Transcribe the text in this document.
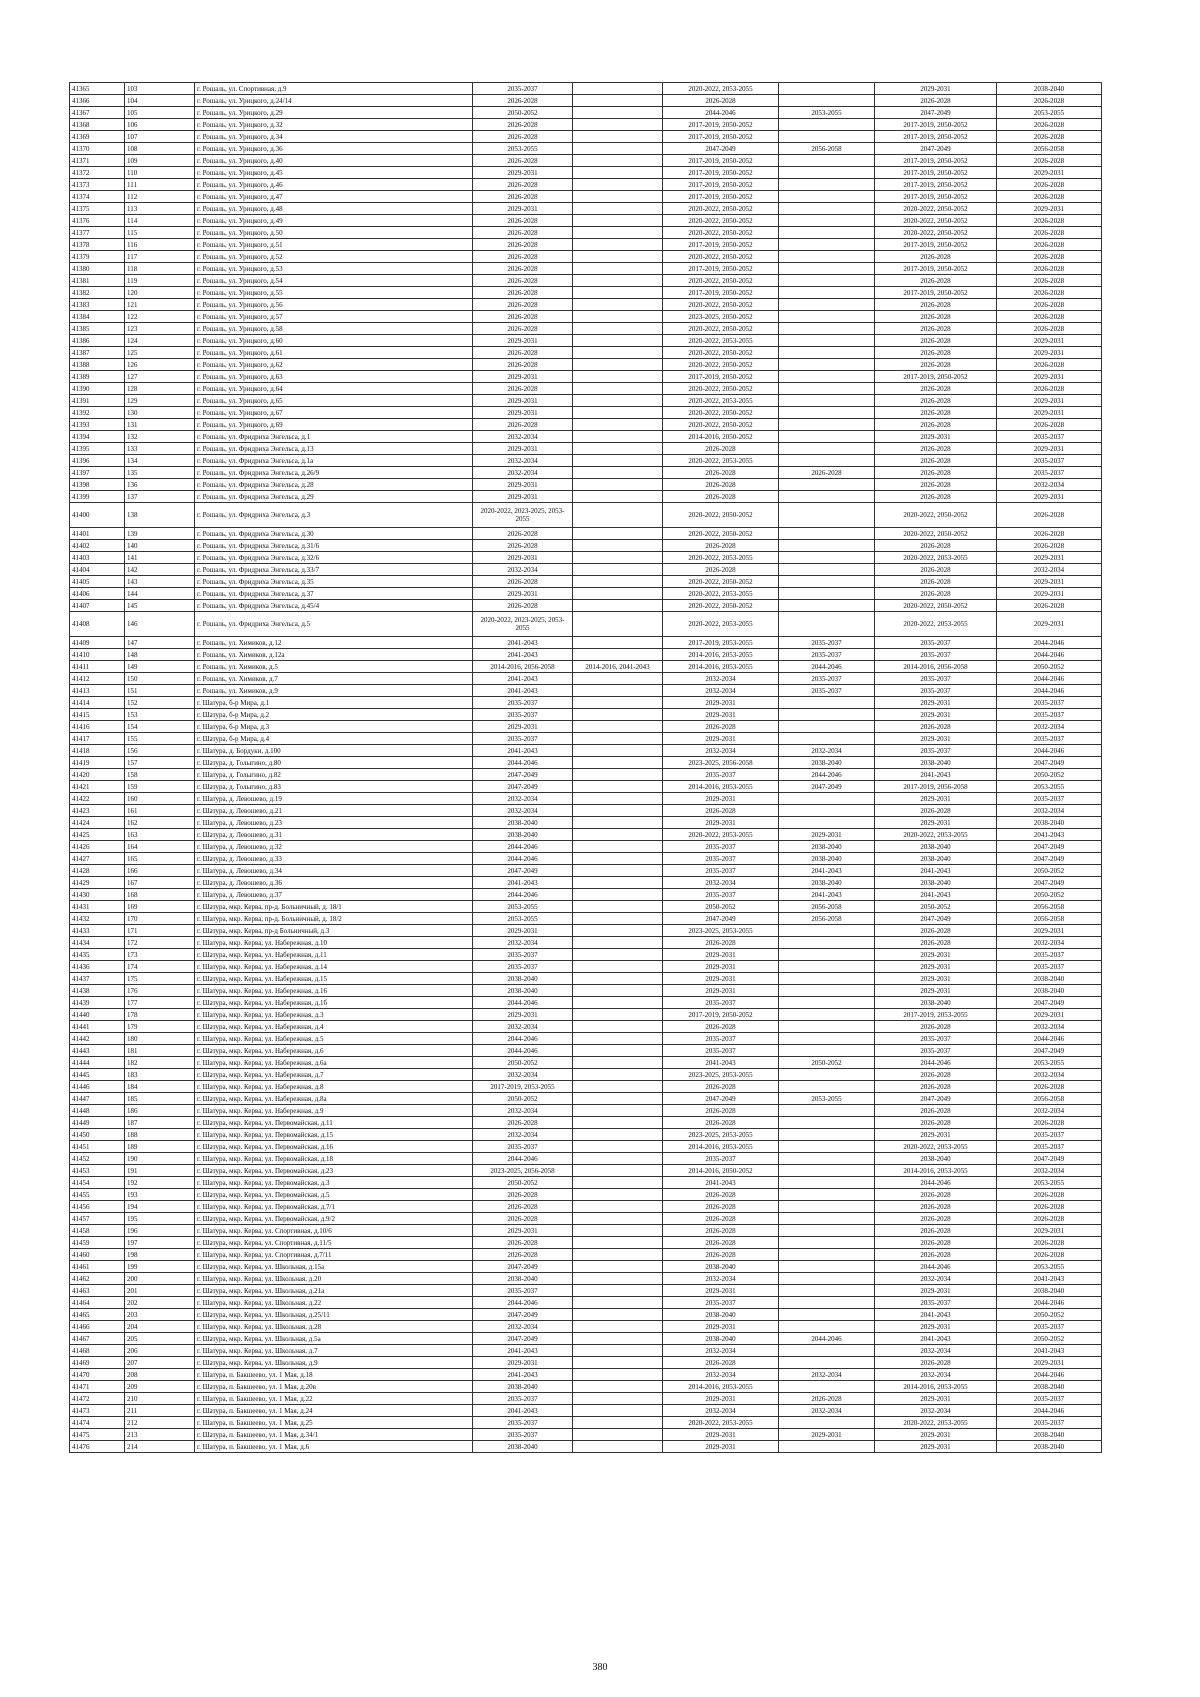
41365	103	г. Рошаль, ул. Спортивная, д.9	2035-2037		2020-2022, 2053-2055		2029-2031	2038-2040
41366	104	г. Рошаль, ул. Урицкого, д.24/14	2026-2028		2026-2028		2026-2028	2026-2028
41367	105	г. Рошаль, ул. Урицкого, д.29	2050-2052		2044-2046	2053-2055	2047-2049	2053-2055
41368	106	г. Рошаль, ул. Урицкого, д.32	2026-2028		2017-2019, 2050-2052		2017-2019, 2050-2052	2026-2028
41369	107	г. Рошаль, ул. Урицкого, д.34	2026-2028		2017-2019, 2050-2052		2017-2019, 2050-2052	2026-2028
41370	108	г. Рошаль, ул. Урицкого, д.36	2053-2055		2047-2049	2056-2058	2047-2049	2056-2058
41371	109	г. Рошаль, ул. Урицкого, д.40	2026-2028		2017-2019, 2050-2052		2017-2019, 2050-2052	2026-2028
41372	110	г. Рошаль, ул. Урицкого, д.45	2029-2031		2017-2019, 2050-2052		2017-2019, 2050-2052	2029-2031
41373	111	г. Рошаль, ул. Урицкого, д.46	2026-2028		2017-2019, 2050-2052		2017-2019, 2050-2052	2026-2028
41374	112	г. Рошаль, ул. Урицкого, д.47	2026-2028		2017-2019, 2050-2052		2017-2019, 2050-2052	2026-2028
41375	113	г. Рошаль, ул. Урицкого, д.48	2029-2031		2020-2022, 2050-2052		2020-2022, 2050-2052	2029-2031
41376	114	г. Рошаль, ул. Урицкого, д.49	2026-2028		2020-2022, 2050-2052		2020-2022, 2050-2052	2026-2028
41377	115	г. Рошаль, ул. Урицкого, д.50	2026-2028		2020-2022, 2050-2052		2020-2022, 2050-2052	2026-2028
41378	116	г. Рошаль, ул. Урицкого, д.51	2026-2028		2017-2019, 2050-2052		2017-2019, 2050-2052	2026-2028
41379	117	г. Рошаль, ул. Урицкого, д.52	2026-2028		2020-2022, 2050-2052		2026-2028	2026-2028
41380	118	г. Рошаль, ул. Урицкого, д.53	2026-2028		2017-2019, 2050-2052		2017-2019, 2050-2052	2026-2028
41381	119	г. Рошаль, ул. Урицкого, д.54	2026-2028		2020-2022, 2050-2052		2026-2028	2026-2028
41382	120	г. Рошаль, ул. Урицкого, д.55	2026-2028		2017-2019, 2050-2052		2017-2019, 2050-2052	2026-2028
41383	121	г. Рошаль, ул. Урицкого, д.56	2026-2028		2020-2022, 2050-2052		2026-2028	2026-2028
41384	122	г. Рошаль, ул. Урицкого, д.57	2026-2028		2023-2025, 2050-2052		2026-2028	2026-2028
41385	123	г. Рошаль, ул. Урицкого, д.58	2026-2028		2020-2022, 2050-2052		2026-2028	2026-2028
41386	124	г. Рошаль, ул. Урицкого, д.60	2029-2031		2020-2022, 2053-2055		2026-2028	2029-2031
41387	125	г. Рошаль, ул. Урицкого, д.61	2026-2028		2020-2022, 2050-2052		2026-2028	2029-2031
41388	126	г. Рошаль, ул. Урицкого, д.62	2026-2028		2020-2022, 2050-2052		2026-2028	2026-2028
41389	127	г. Рошаль, ул. Урицкого, д.63	2029-2031		2017-2019, 2050-2052		2017-2019, 2050-2052	2029-2031
41390	128	г. Рошаль, ул. Урицкого, д.64	2026-2028		2020-2022, 2050-2052		2026-2028	2026-2028
41391	129	г. Рошаль, ул. Урицкого, д.65	2029-2031		2020-2022, 2053-2055		2026-2028	2029-2031
41392	130	г. Рошаль, ул. Урицкого, д.67	2029-2031		2020-2022, 2050-2052		2026-2028	2029-2031
41393	131	г. Рошаль, ул. Урицкого, д.69	2026-2028		2020-2022, 2050-2052		2026-2028	2026-2028
41394	132	г. Рошаль, ул. Фридриха Энгельса, д.1	2032-2034		2014-2016, 2050-2052		2029-2031	2035-2037
41395	133	г. Рошаль, ул. Фридриха Энгельса, д.13	2029-2031		2026-2028		2026-2028	2029-2031
41396	134	г. Рошаль, ул. Фридриха Энгельса, д.1а	2032-2034		2020-2022, 2053-2055		2026-2028	2035-2037
41397	135	г. Рошаль, ул. Фридриха Энгельса, д.26/9	2032-2034		2026-2028	2026-2028	2026-2028	2035-2037
41398	136	г. Рошаль, ул. Фридриха Энгельса, д.28	2029-2031		2026-2028		2026-2028	2032-2034
41399	137	г. Рошаль, ул. Фридриха Энгельса, д.29	2029-2031		2026-2028		2026-2028	2029-2031
41400	138	г. Рошаль, ул. Фридриха Энгельса, д.3	2020-2022, 2023-2025, 2053-2055		2020-2022, 2050-2052		2020-2022, 2050-2052	2026-2028
41401	139	г. Рошаль, ул. Фридриха Энгельса, д.30	2026-2028		2020-2022, 2050-2052		2020-2022, 2050-2052	2026-2028
41402	140	г. Рошаль, ул. Фридриха Энгельса, д.31/6	2026-2028		2026-2028		2026-2028	2026-2028
41403	141	г. Рошаль, ул. Фридриха Энгельса, д.32/6	2029-2031		2020-2022, 2053-2055		2020-2022, 2053-2055	2029-2031
41404	142	г. Рошаль, ул. Фридриха Энгельса, д.33/7	2032-2034		2026-2028		2026-2028	2032-2034
41405	143	г. Рошаль, ул. Фридриха Энгельса, д.35	2026-2028		2020-2022, 2050-2052		2026-2028	2029-2031
41406	144	г. Рошаль, ул. Фридриха Энгельса, д.37	2029-2031		2020-2022, 2053-2055		2026-2028	2029-2031
41407	145	г. Рошаль, ул. Фридриха Энгельса, д.45/4	2026-2028		2020-2022, 2050-2052		2020-2022, 2050-2052	2026-2028
41408	146	г. Рошаль, ул. Фридриха Энгельса, д.5	2020-2022, 2023-2025, 2053-2055		2020-2022, 2053-2055		2020-2022, 2053-2055	2029-2031
41409	147	г. Рошаль, ул. Химиков, д.12	2041-2043		2017-2019, 2053-2055	2035-2037	2035-2037	2044-2046
41410	148	г. Рошаль, ул. Химиков, д.12а	2041-2043		2014-2016, 2053-2055	2035-2037	2035-2037	2044-2046
41411	149	г. Рошаль, ул. Химиков, д.5	2014-2016, 2056-2058	2014-2016, 2041-2043	2014-2016, 2053-2055	2044-2046	2014-2016, 2056-2058	2050-2052
41412	150	г. Рошаль, ул. Химиков, д.7	2041-2043		2032-2034	2035-2037	2035-2037	2044-2046
41413	151	г. Рошаль, ул. Химиков, д.9	2041-2043		2032-2034	2035-2037	2035-2037	2044-2046
41414	152	г. Шатура, б-р Мира, д.1	2035-2037		2029-2031		2029-2031	2035-2037
41415	153	г. Шатура, б-р Мира, д.2	2035-2037		2029-2031		2029-2031	2035-2037
41416	154	г. Шатура, б-р Мира, д.3	2029-2031		2026-2028		2026-2028	2032-2034
41417	155	г. Шатура, б-р Мира, д.4	2035-2037		2029-2031		2029-2031	2035-2037
41418	156	г. Шатура, д. Бордуки, д.100	2041-2043		2032-2034	2032-2034	2035-2037	2044-2046
41419	157	г. Шатура, д. Голыгино, д.80	2044-2046		2023-2025, 2056-2058	2038-2040	2038-2040	2047-2049
41420	158	г. Шатура, д. Голыгино, д.82	2047-2049		2035-2037	2044-2046	2041-2043	2050-2052
41421	159	г. Шатура, д. Голыгино, д.83	2047-2049		2014-2016, 2053-2055	2047-2049	2017-2019, 2056-2058	2053-2055
41422	160	г. Шатура, д. Левошево, д.19	2032-2034		2029-2031		2029-2031	2035-2037
41423	161	г. Шатура, д. Левошево, д.21	2032-2034		2026-2028		2026-2028	2032-2034
41424	162	г. Шатура, д. Левошево, д.23	2038-2040		2029-2031		2029-2031	2038-2040
41425	163	г. Шатура, д. Левошево, д.31	2038-2040		2020-2022, 2053-2055	2029-2031	2020-2022, 2053-2055	2041-2043
41426	164	г. Шатура, д. Левошево, д.32	2044-2046		2035-2037	2038-2040	2038-2040	2047-2049
41427	165	г. Шатура, д. Левошево, д.33	2044-2046		2035-2037	2038-2040	2038-2040	2047-2049
41428	166	г. Шатура, д. Левошево, д.34	2047-2049		2035-2037	2041-2043	2041-2043	2050-2052
41429	167	г. Шатура, д. Левошево, д.36	2041-2043		2032-2034	2038-2040	2038-2040	2047-2049
41430	168	г. Шатура, д. Левошево, д.37	2044-2046		2035-2037	2041-2043	2041-2043	2050-2052
41431	169	г. Шатура, мкр. Керва, пр-д. Больничный, д. 18/1	2053-2055		2050-2052	2056-2058	2050-2052	2056-2058
41432	170	г. Шатура, мкр. Керва, пр-д. Больничный, д. 18/2	2053-2055		2047-2049	2056-2058	2047-2049	2056-2058
41433	171	г. Шатура, мкр. Керва, пр-д Больничный, д.3	2029-2031		2023-2025, 2053-2055		2026-2028	2029-2031
41434	172	г. Шатура, мкр. Керва, ул. Набережная, д.10	2032-2034		2026-2028		2026-2028	2032-2034
41435	173	г. Шатура, мкр. Керва, ул. Набережная, д.11	2035-2037		2029-2031		2029-2031	2035-2037
41436	174	г. Шатура, мкр. Керва, ул. Набережная, д.14	2035-2037		2029-2031		2029-2031	2035-2037
41437	175	г. Шатура, мкр. Керва, ул. Набережная, д.15	2038-2040		2029-2031		2029-2031	2038-2040
41438	176	г. Шатура, мкр. Керва, ул. Набережная, д.16	2038-2040		2029-2031		2029-2031	2038-2040
41439	177	г. Шатура, мкр. Керва, ул. Набережная, д.1б	2044-2046		2035-2037		2038-2040	2047-2049
41440	178	г. Шатура, мкр. Керва, ул. Набережная, д.3	2029-2031		2017-2019, 2050-2052		2017-2019, 2053-2055	2029-2031
41441	179	г. Шатура, мкр. Керва, ул. Набережная, д.4	2032-2034		2026-2028		2026-2028	2032-2034
41442	180	г. Шатура, мкр. Керва, ул. Набережная, д.5	2044-2046		2035-2037		2035-2037	2044-2046
41443	181	г. Шатура, мкр. Керва, ул. Набережная, д.6	2044-2046		2035-2037		2035-2037	2047-2049
41444	182	г. Шатура, мкр. Керва, ул. Набережная, д.6а	2050-2052		2041-2043	2050-2052	2044-2046	2053-2055
41445	183	г. Шатура, мкр. Керва, ул. Набережная, д.7	2032-2034		2023-2025, 2053-2055		2026-2028	2032-2034
41446	184	г. Шатура, мкр. Керва, ул. Набережная, д.8	2017-2019, 2053-2055		2026-2028		2026-2028	2026-2028
41447	185	г. Шатура, мкр. Керва, ул. Набережная, д.8а	2050-2052		2047-2049	2053-2055	2047-2049	2056-2058
41448	186	г. Шатура, мкр. Керва, ул. Набережная, д.9	2032-2034		2026-2028		2026-2028	2032-2034
41449	187	г. Шатура, мкр. Керва, ул. Первомайская, д.11	2026-2028		2026-2028		2026-2028	2026-2028
41450	188	г. Шатура, мкр. Керва, ул. Первомайская, д.15	2032-2034		2023-2025, 2053-2055		2029-2031	2035-2037
41451	189	г. Шатура, мкр. Керва, ул. Первомайская, д.16	2035-2037		2014-2016, 2053-2055		2020-2022, 2053-2055	2035-2037
41452	190	г. Шатура, мкр. Керва, ул. Первомайская, д.18	2044-2046		2035-2037		2038-2040	2047-2049
41453	191	г. Шатура, мкр. Керва, ул. Первомайская, д.23	2023-2025, 2056-2058		2014-2016, 2050-2052		2014-2016, 2053-2055	2032-2034
41454	192	г. Шатура, мкр. Керва, ул. Первомайская, д.3	2050-2052		2041-2043		2044-2046	2053-2055
41455	193	г. Шатура, мкр. Керва, ул. Первомайская, д.5	2026-2028		2026-2028		2026-2028	2026-2028
41456	194	г. Шатура, мкр. Керва, ул. Первомайская, д.7/1	2026-2028		2026-2028		2026-2028	2026-2028
41457	195	г. Шатура, мкр. Керва, ул. Первомайская, д.9/2	2026-2028		2026-2028		2026-2028	2026-2028
41458	196	г. Шатура, мкр. Керва, ул. Спортивная, д.10/6	2029-2031		2026-2028		2026-2028	2029-2031
41459	197	г. Шатура, мкр. Керва, ул. Спортивная, д.11/5	2026-2028		2026-2028		2026-2028	2026-2028
41460	198	г. Шатура, мкр. Керва, ул. Спортивная, д.7/11	2026-2028		2026-2028		2026-2028	2026-2028
41461	199	г. Шатура, мкр. Керва, ул. Школьная, д.15а	2047-2049		2038-2040		2044-2046	2053-2055
41462	200	г. Шатура, мкр. Керва, ул. Школьная, д.20	2038-2040		2032-2034		2032-2034	2041-2043
41463	201	г. Шатура, мкр. Керва, ул. Школьная, д.21а	2035-2037		2029-2031		2029-2031	2038-2040
41464	202	г. Шатура, мкр. Керва, ул. Школьная, д.22	2044-2046		2035-2037		2035-2037	2044-2046
41465	203	г. Шатура, мкр. Керва, ул. Школьная, д.25/11	2047-2049		2038-2040		2041-2043	2050-2052
41466	204	г. Шатура, мкр. Керва, ул. Школьная, д.28	2032-2034		2029-2031		2029-2031	2035-2037
41467	205	г. Шатура, мкр. Керва, ул. Школьная, д.5а	2047-2049		2038-2040	2044-2046	2041-2043	2050-2052
41468	206	г. Шатура, мкр. Керва, ул. Школьная, д.7	2041-2043		2032-2034		2032-2034	2041-2043
41469	207	г. Шатура, мкр. Керва, ул. Школьная, д.9	2029-2031		2026-2028		2026-2028	2029-2031
41470	208	г. Шатура, п. Бакшеево, ул. 1 Мая, д.18	2041-2043		2032-2034	2032-2034	2032-2034	2044-2046
41471	209	г. Шатура, п. Бакшеево, ул. 1 Мая, д.20в	2038-2040		2014-2016, 2053-2055		2014-2016, 2053-2055	2038-2040
41472	210	г. Шатура, п. Бакшеево, ул. 1 Мая, д.22	2035-2037		2029-2031	2026-2028	2029-2031	2035-2037
41473	211	г. Шатура, п. Бакшеево, ул. 1 Мая, д.24	2041-2043		2032-2034	2032-2034	2032-2034	2044-2046
41474	212	г. Шатура, п. Бакшеево, ул. 1 Мая, д.25	2035-2037		2020-2022, 2053-2055		2020-2022, 2053-2055	2035-2037
41475	213	г. Шатура, п. Бакшеево, ул. 1 Мая, д.34/1	2035-2037		2029-2031	2029-2031	2029-2031	2038-2040
41476	214	г. Шатура, п. Бакшеево, ул. 1 Мая, д.6	2038-2040		2029-2031		2029-2031	2038-2040
380
